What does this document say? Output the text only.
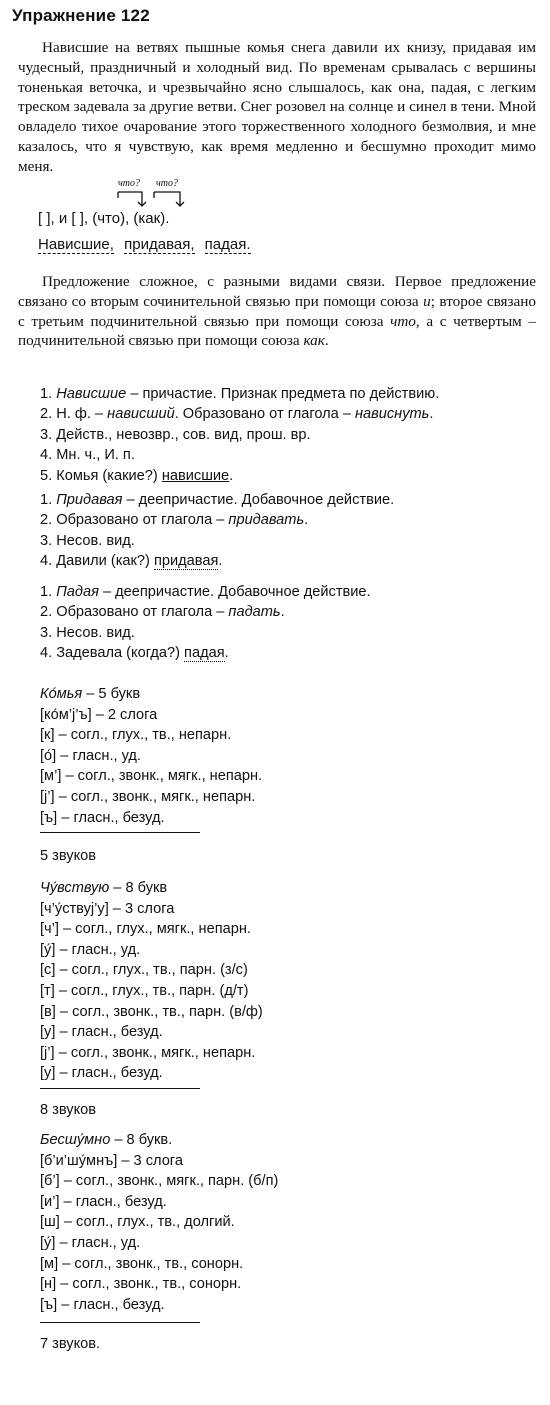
Упражнение 122
Нависшие на ветвях пышные комья снега давили их книзу, придавая им чудесный, праздничный и холодный вид. По временам срывалась с вершины тоненькая веточка, и чрезвычайно ясно слышалось, как она, падая, с легким треском задевала за другие ветви. Снег розовел на солнце и синел в тени. Мной овладело тихое очарование этого торжественного холодного безмолвия, и мне казалось, что я чувствую, как время медленно и бесшумно проходит мимо меня.
что? что?
[ ], и [ ], (что), (как).
Нависшие, придавая, падая.
Предложение сложное, с разными видами связи. Первое предложение связано со вторым сочинительной связью при помощи союза и; второе связано с третьим подчинительной связью при помощи союза что, а с четвертым – подчинительной связью при помощи союза как.
1. Нависшие – причастие. Признак предмета по действию.
2. Н. ф. – нависший. Образовано от глагола – нависнуть.
3. Действ., невозвр., сов. вид, прош. вр.
4. Мн. ч., И. п.
5. Комья (какие?) нависшие.
1. Придавая – деепричастие. Добавочное действие.
2. Образовано от глагола – придавать.
3. Несов. вид.
4. Давили (как?) придавая.
1. Падая – деепричастие. Добавочное действие.
2. Образовано от глагола – падать.
3. Несов. вид.
4. Задевала (когда?) падая.
Ко́мья – 5 букв
[ко́м’j’ъ] – 2 слога
[к] – согл., глух., тв., непарн.
[о́] – гласн., уд.
[м’] – согл., звонк., мягк., непарн.
[j’] – согл., звонк., мягк., непарн.
[ъ] – гласн., безуд.
5 звуков
Чу́вствую – 8 букв
[ч’у́ствуj’у] – 3 слога
[ч’] – согл., глух., мягк., непарн.
[у́] – гласн., уд.
[с] – согл., глух., тв., парн. (з/с)
[т] – согл., глух., тв., парн. (д/т)
[в] – согл., звонк., тв., парн. (в/ф)
[у] – гласн., безуд.
[j’] – согл., звонк., мягк., непарн.
[у] – гласн., безуд.
8 звуков
Бесшу́мно – 8 букв.
[б’и’шу́мнъ] – 3 слога
[б’] – согл., звонк., мягк., парн. (б/п)
[и’] – гласн., безуд.
[ш] – согл., глух., тв., долгий.
[у́] – гласн., уд.
[м] – согл., звонк., тв., сонорн.
[н] – согл., звонк., тв., сонорн.
[ъ] – гласн., безуд.
7 звуков.
